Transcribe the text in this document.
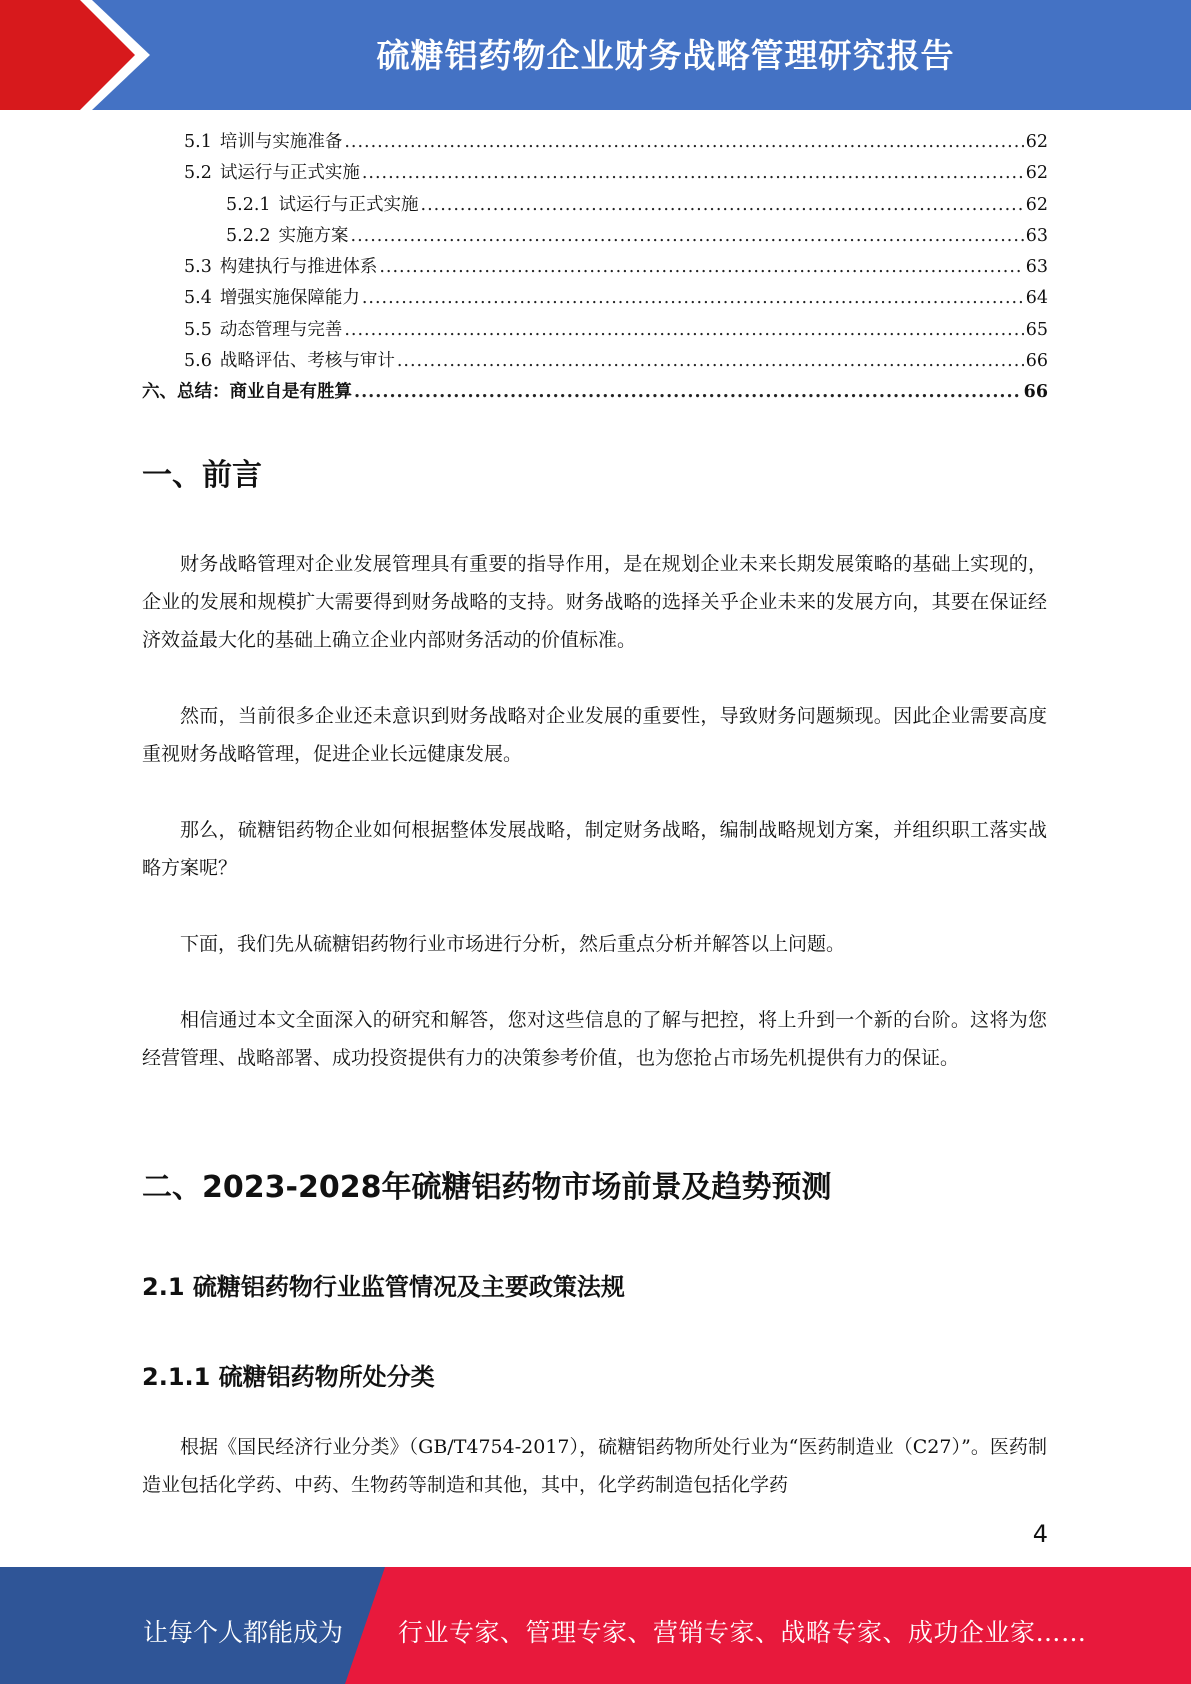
硫糖铝药物企业财务战略管理研究报告
5.1 培训与实施准备 .....	62
5.2 试运行与正式实施 .....	62
5.2.1 试运行与正式实施 .....	62
5.2.2 实施方案 .....	63
5.3 构建执行与推进体系 .....	63
5.4 增强实施保障能力 .....	64
5.5 动态管理与完善 .....	65
5.6 战略评估、考核与审计 .....	66
六、总结：商业自是有胜算 .....	66
一、前言

财务战略管理对企业发展管理具有重要的指导作用，是在规划企业未来长期发展策略的基础上实现的，企业的发展和规模扩大需要得到财务战略的支持。财务战略的选择关乎企业未来的发展方向，其要在保证经济效益最大化的基础上确立企业内部财务活动的价值标准。

然而，当前很多企业还未意识到财务战略对企业发展的重要性，导致财务问题频现。因此企业需要高度重视财务战略管理，促进企业长远健康发展。

那么，硫糖铝药物企业如何根据整体发展战略，制定财务战略，编制战略规划方案，并组织职工落实战略方案呢？

下面，我们先从硫糖铝药物行业市场进行分析，然后重点分析并解答以上问题。

相信通过本文全面深入的研究和解答，您对这些信息的了解与把控，将上升到一个新的台阶。这将为您经营管理、战略部署、成功投资提供有力的决策参考价值，也为您抢占市场先机提供有力的保证。

二、2023-2028年硫糖铝药物市场前景及趋势预测
2.1 硫糖铝药物行业监管情况及主要政策法规
2.1.1 硫糖铝药物所处分类

根据《国民经济行业分类》（GB/T4754-2017），硫糖铝药物所处行业为“医药制造业（C27）”。医药制造业包括化学药、中药、生物药等制造和其他，其中，化学药制造包括化学药

4
让每个人都能成为 行业专家、管理专家、营销专家、战略专家、成功企业家……
